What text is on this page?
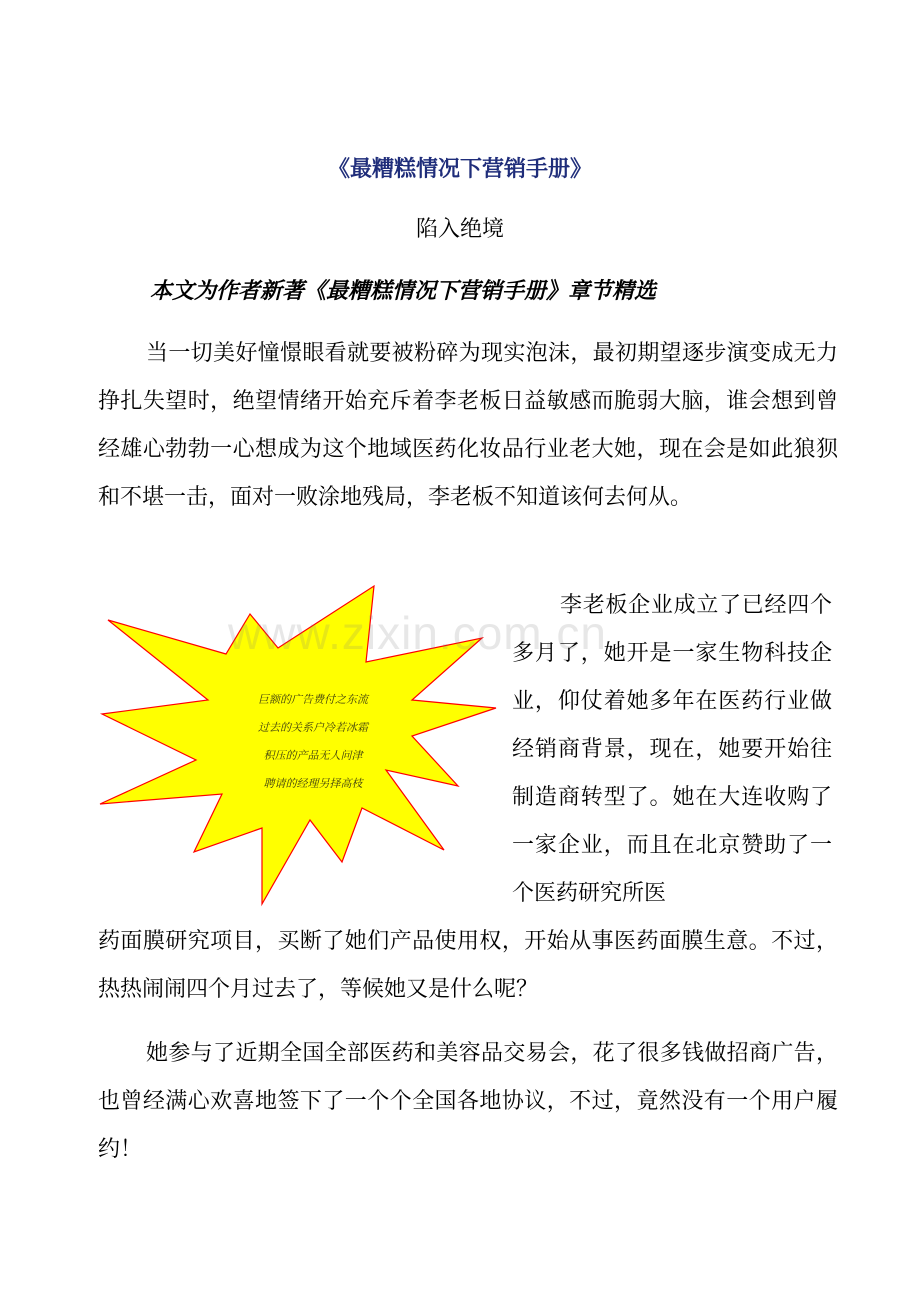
《最糟糕情况下营销手册》
陷入绝境
本文为作者新著《最糟糕情况下营销手册》章节精选

当一切美好憧憬眼看就要被粉碎为现实泡沫，最初期望逐步演变成无力挣扎失望时，绝望情绪开始充斥着李老板日益敏感而脆弱大脑，谁会想到曾经雄心勃勃一心想成为这个地域医药化妆品行业老大她，现在会是如此狼狈和不堪一击，面对一败涂地残局，李老板不知道该何去何从。

巨额的广告费付之东流
过去的关系户冷若冰霜
积压的产品无人问津
聘请的经理另择高枝
www.zixin.com.cn

李老板企业成立了已经四个多月了，她开是一家生物科技企业，仰仗着她多年在医药行业做经销商背景，现在，她要开始往制造商转型了。她在大连收购了一家企业，而且在北京赞助了一个医药研究所医

药面膜研究项目，买断了她们产品使用权，开始从事医药面膜生意。不过，热热闹闹四个月过去了，等候她又是什么呢？

她参与了近期全国全部医药和美容品交易会，花了很多钱做招商广告，也曾经满心欢喜地签下了一个个全国各地协议，不过，竟然没有一个用户履约！
